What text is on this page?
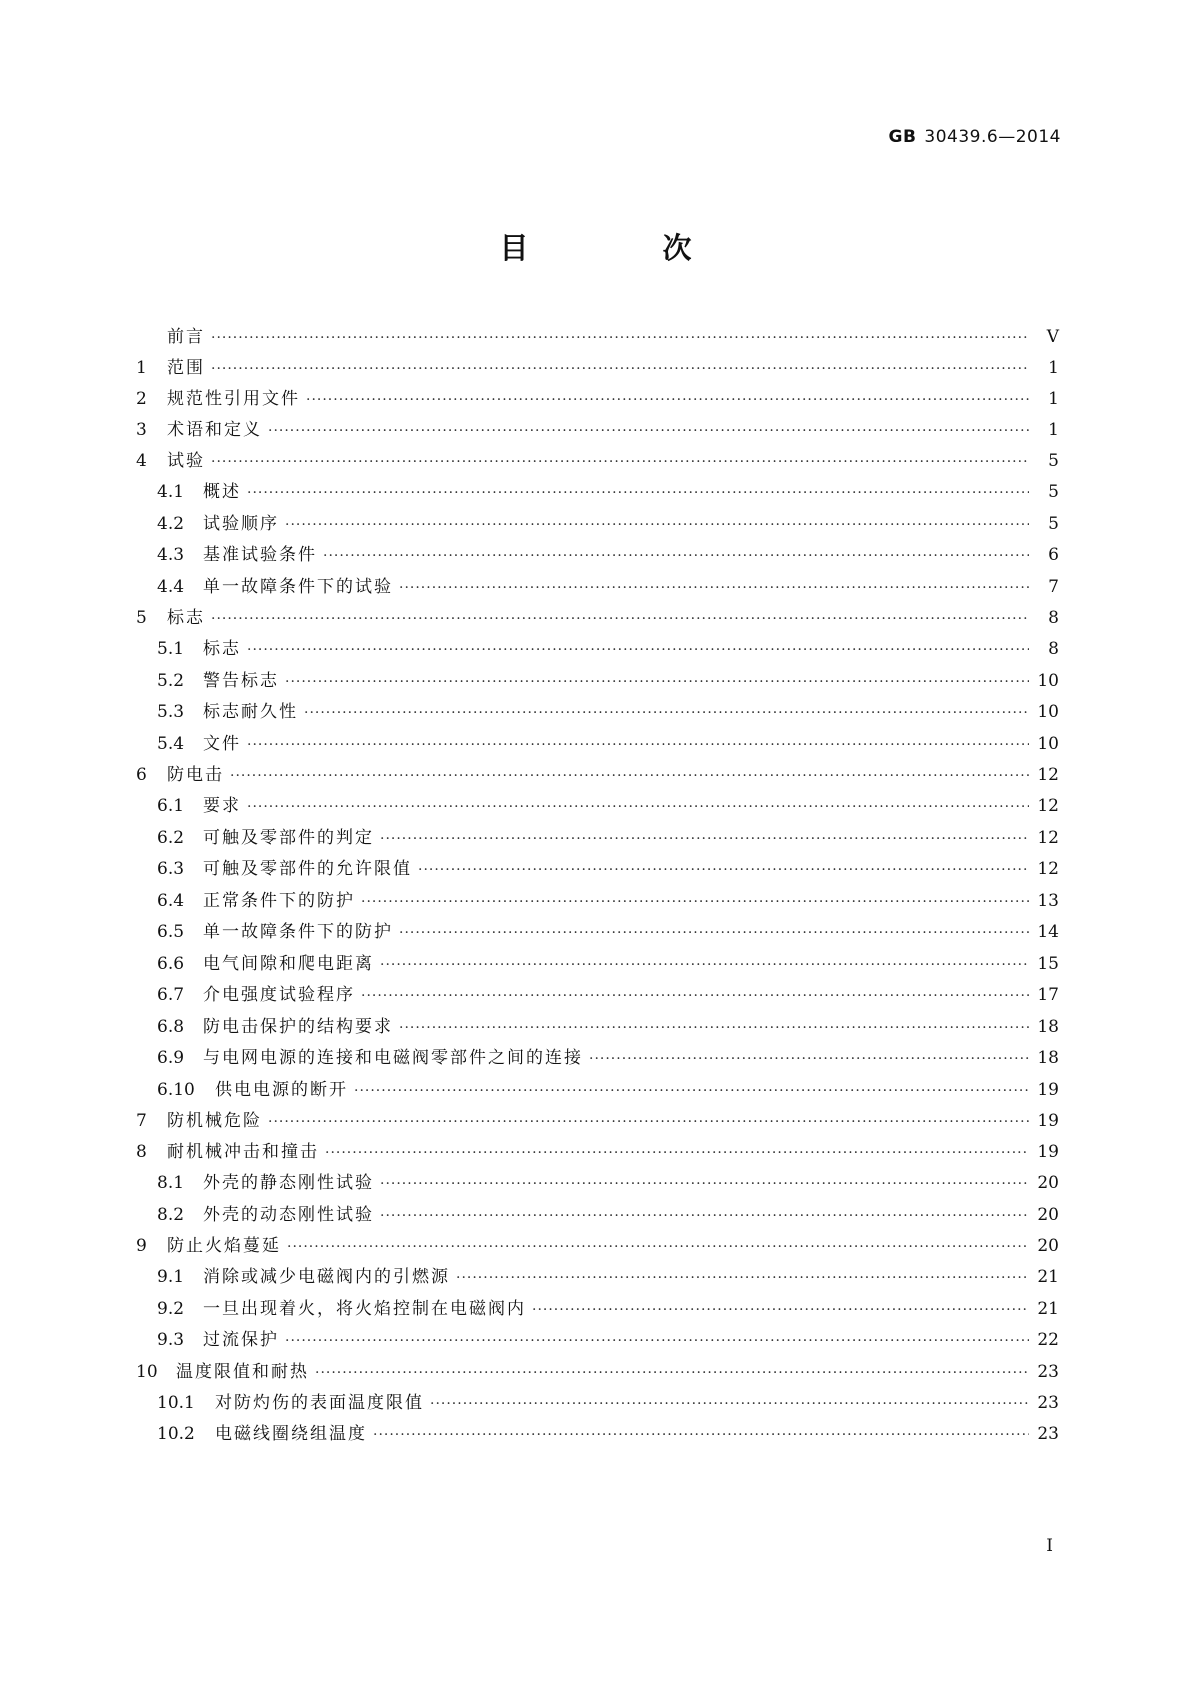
GB 30439.6—2014
目 次
前言 ·····	V
1	范围 ·····	1
2	规范性引用文件 ·····	1
3	术语和定义 ·····	1
4	试验 ·····	5
4.1	概述 ·····	5
4.2	试验顺序 ·····	5
4.3	基准试验条件 ·····	6
4.4	单一故障条件下的试验 ·····	7
5	标志 ·····	8
5.1	标志 ·····	8
5.2	警告标志 ·····	10
5.3	标志耐久性 ·····	10
5.4	文件 ·····	10
6	防电击 ·····	12
6.1	要求 ·····	12
6.2	可触及零部件的判定 ·····	12
6.3	可触及零部件的允许限值 ·····	12
6.4	正常条件下的防护 ·····	13
6.5	单一故障条件下的防护 ·····	14
6.6	电气间隙和爬电距离 ·····	15
6.7	介电强度试验程序 ·····	17
6.8	防电击保护的结构要求 ·····	18
6.9	与电网电源的连接和电磁阀零部件之间的连接 ·····	18
6.10	供电电源的断开 ·····	19
7	防机械危险 ·····	19
8	耐机械冲击和撞击 ·····	19
8.1	外壳的静态刚性试验 ·····	20
8.2	外壳的动态刚性试验 ·····	20
9	防止火焰蔓延 ·····	20
9.1	消除或减少电磁阀内的引燃源 ·····	21
9.2	一旦出现着火，将火焰控制在电磁阀内 ·····	21
9.3	过流保护 ·····	22
10	温度限值和耐热 ·····	23
10.1	对防灼伤的表面温度限值 ·····	23
10.2	电磁线圈绕组温度 ·····	23
I
